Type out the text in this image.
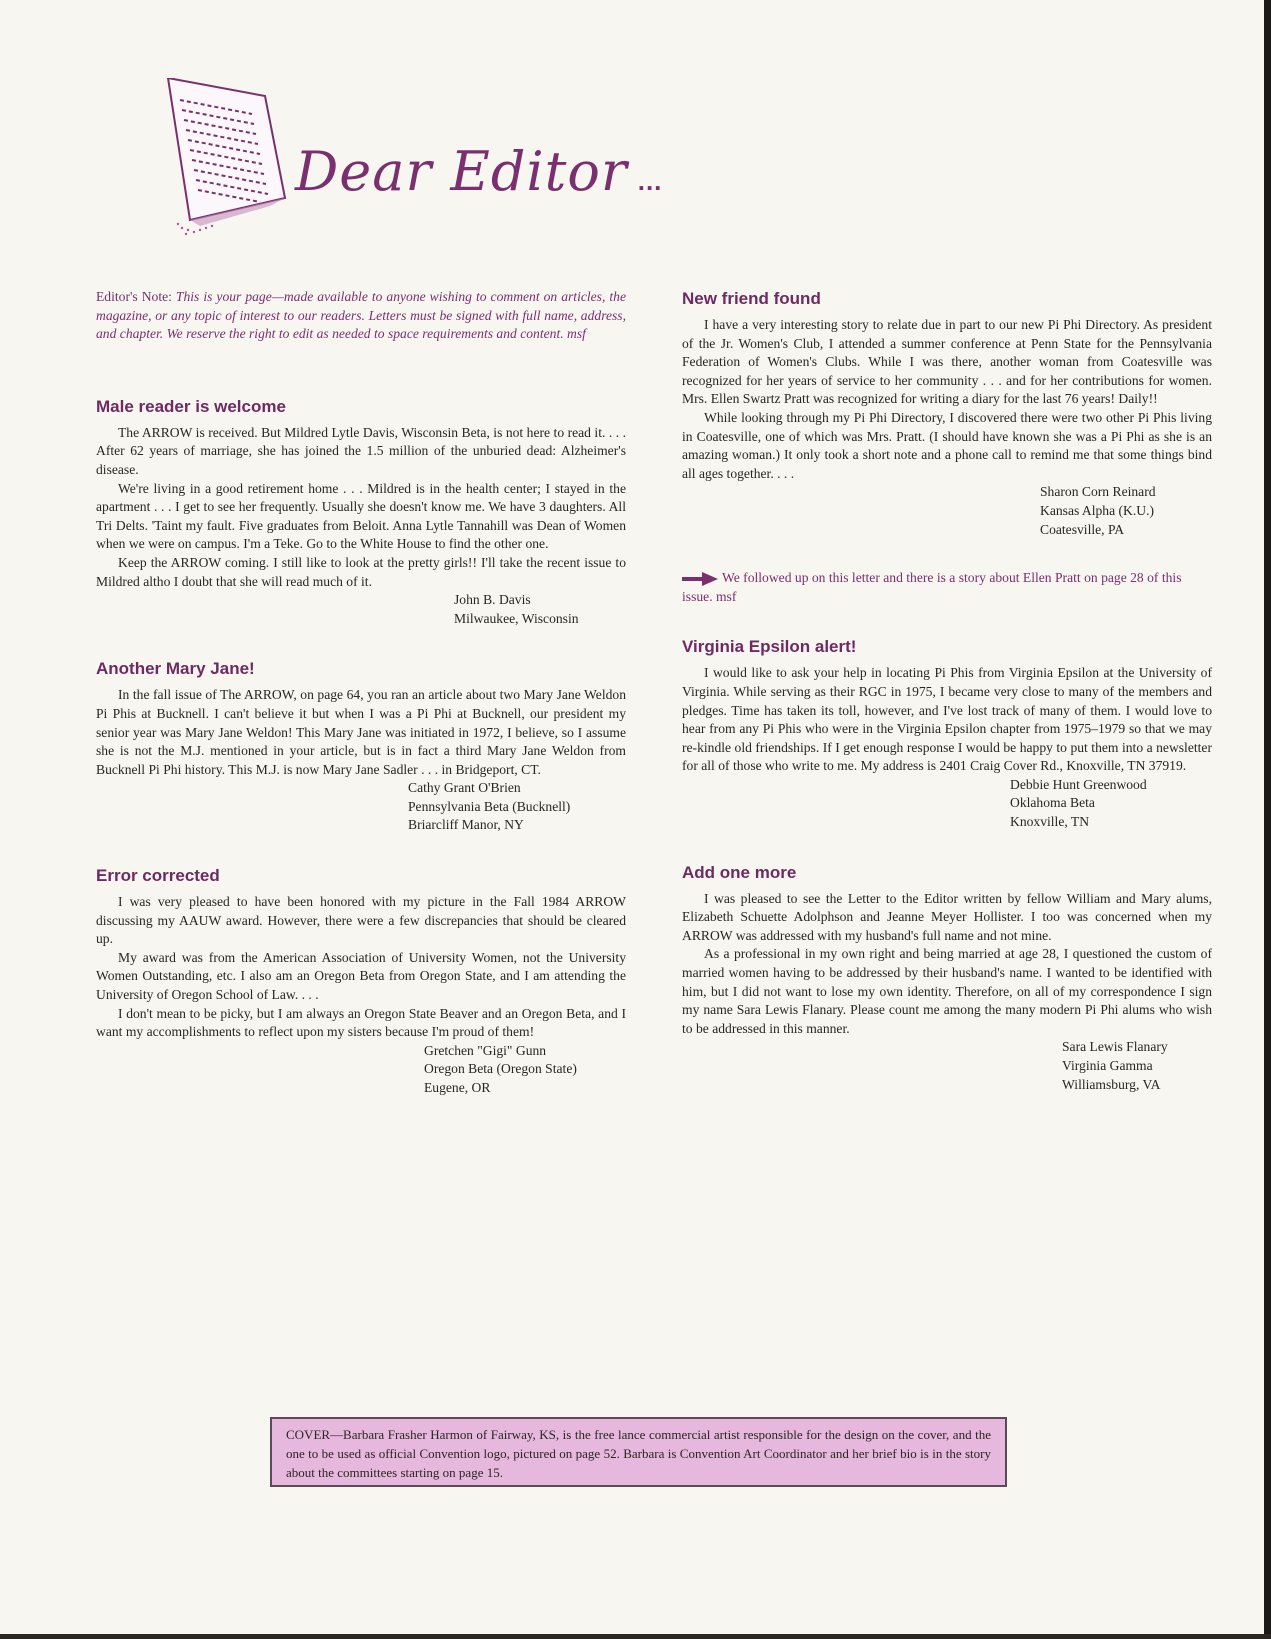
Dear Editor ...

Editor's Note: This is your page—made available to anyone wishing to comment on articles, the magazine, or any topic of interest to our readers. Letters must be signed with full name, address, and chapter. We reserve the right to edit as needed to space requirements and content. msf

Male reader is welcome

The ARROW is received. But Mildred Lytle Davis, Wisconsin Beta, is not here to read it. . . . After 62 years of marriage, she has joined the 1.5 million of the unburied dead: Alzheimer's disease.

We're living in a good retirement home . . . Mildred is in the health center; I stayed in the apartment . . . I get to see her frequently. Usually she doesn't know me. We have 3 daughters. All Tri Delts. 'Taint my fault. Five graduates from Beloit. Anna Lytle Tannahill was Dean of Women when we were on campus. I'm a Teke. Go to the White House to find the other one.

Keep the ARROW coming. I still like to look at the pretty girls!! I'll take the recent issue to Mildred altho I doubt that she will read much of it.

John B. Davis
Milwaukee, Wisconsin
Another Mary Jane!

In the fall issue of The ARROW, on page 64, you ran an article about two Mary Jane Weldon Pi Phis at Bucknell. I can't believe it but when I was a Pi Phi at Bucknell, our president my senior year was Mary Jane Weldon! This Mary Jane was initiated in 1972, I believe, so I assume she is not the M.J. mentioned in your article, but is in fact a third Mary Jane Weldon from Bucknell Pi Phi history. This M.J. is now Mary Jane Sadler . . . in Bridgeport, CT.

Cathy Grant O'Brien
Pennsylvania Beta (Bucknell)
Briarcliff Manor, NY
Error corrected

I was very pleased to have been honored with my picture in the Fall 1984 ARROW discussing my AAUW award. However, there were a few discrepancies that should be cleared up.

My award was from the American Association of University Women, not the University Women Outstanding, etc. I also am an Oregon Beta from Oregon State, and I am attending the University of Oregon School of Law. . . .

I don't mean to be picky, but I am always an Oregon State Beaver and an Oregon Beta, and I want my accomplishments to reflect upon my sisters because I'm proud of them!

Gretchen "Gigi" Gunn
Oregon Beta (Oregon State)
Eugene, OR
New friend found

I have a very interesting story to relate due in part to our new Pi Phi Directory. As president of the Jr. Women's Club, I attended a summer conference at Penn State for the Pennsylvania Federation of Women's Clubs. While I was there, another woman from Coatesville was recognized for her years of service to her community . . . and for her contributions for women. Mrs. Ellen Swartz Pratt was recognized for writing a diary for the last 76 years! Daily!!

While looking through my Pi Phi Directory, I discovered there were two other Pi Phis living in Coatesville, one of which was Mrs. Pratt. (I should have known she was a Pi Phi as she is an amazing woman.) It only took a short note and a phone call to remind me that some things bind all ages together. . . .

Sharon Corn Reinard
Kansas Alpha (K.U.)
Coatesville, PA

We followed up on this letter and there is a story about Ellen Pratt on page 28 of this issue. msf

Virginia Epsilon alert!

I would like to ask your help in locating Pi Phis from Virginia Epsilon at the University of Virginia. While serving as their RGC in 1975, I became very close to many of the members and pledges. Time has taken its toll, however, and I've lost track of many of them. I would love to hear from any Pi Phis who were in the Virginia Epsilon chapter from 1975–1979 so that we may re-kindle old friendships. If I get enough response I would be happy to put them into a newsletter for all of those who write to me. My address is 2401 Craig Cover Rd., Knoxville, TN 37919.

Debbie Hunt Greenwood
Oklahoma Beta
Knoxville, TN
Add one more

I was pleased to see the Letter to the Editor written by fellow William and Mary alums, Elizabeth Schuette Adolphson and Jeanne Meyer Hollister. I too was concerned when my ARROW was addressed with my husband's full name and not mine.

As a professional in my own right and being married at age 28, I questioned the custom of married women having to be addressed by their husband's name. I wanted to be identified with him, but I did not want to lose my own identity. Therefore, on all of my correspondence I sign my name Sara Lewis Flanary. Please count me among the many modern Pi Phi alums who wish to be addressed in this manner.

Sara Lewis Flanary
Virginia Gamma
Williamsburg, VA
COVER—Barbara Frasher Harmon of Fairway, KS, is the free lance commercial artist responsible for the design on the cover, and the one to be used as official Convention logo, pictured on page 52. Barbara is Convention Art Coordinator and her brief bio is in the story about the committees starting on page 15.
